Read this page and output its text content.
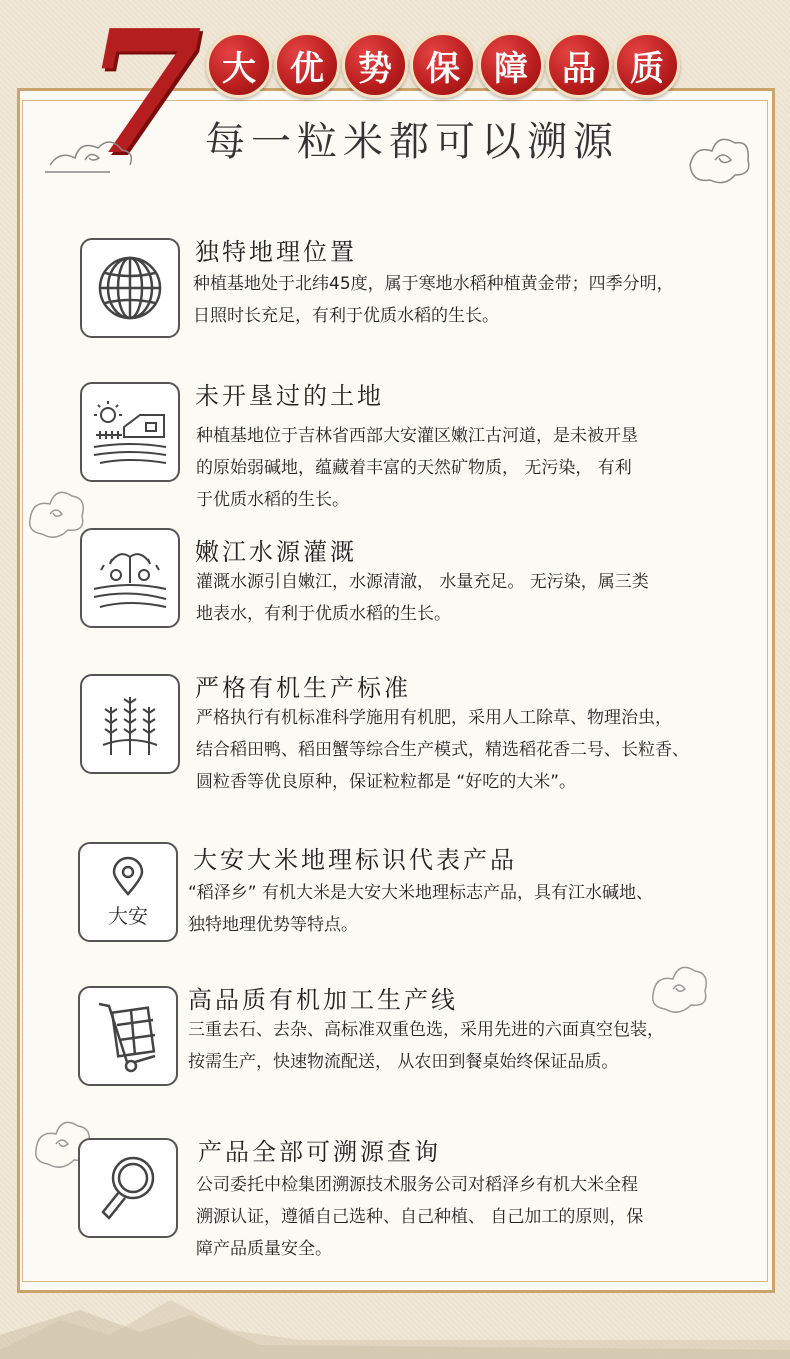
7 大	优	势	保	障	品	质
每一粒米都可以溯源
独特地理位置
种植基地处于北纬45度，属于寒地水稻种植黄金带；四季分明，
日照时长充足，有利于优质水稻的生长。
未开垦过的土地
种植基地位于吉林省西部大安灌区嫩江古河道，是未被开垦
的原始弱碱地，蕴藏着丰富的天然矿物质， 无污染， 有利
于优质水稻的生长。
嫩江水源灌溉
灌溉水源引自嫩江，水源清澈， 水量充足。 无污染，属三类
地表水，有利于优质水稻的生长。
严格有机生产标准
严格执行有机标准科学施用有机肥，采用人工除草、物理治虫，
结合稻田鸭、稻田蟹等综合生产模式，精选稻花香二号、长粒香、
圆粒香等优良原种，保证粒粒都是 “好吃的大米”。
大安
大安大米地理标识代表产品
“稻泽乡” 有机大米是大安大米地理标志产品，具有江水碱地、
独特地理优势等特点。
高品质有机加工生产线
三重去石、去杂、高标准双重色选，采用先进的六面真空包装，
按需生产，快速物流配送， 从农田到餐桌始终保证品质。
产品全部可溯源查询
公司委托中检集团溯源技术服务公司对稻泽乡有机大米全程
溯源认证，遵循自己选种、自己种植、 自己加工的原则，保
障产品质量安全。
